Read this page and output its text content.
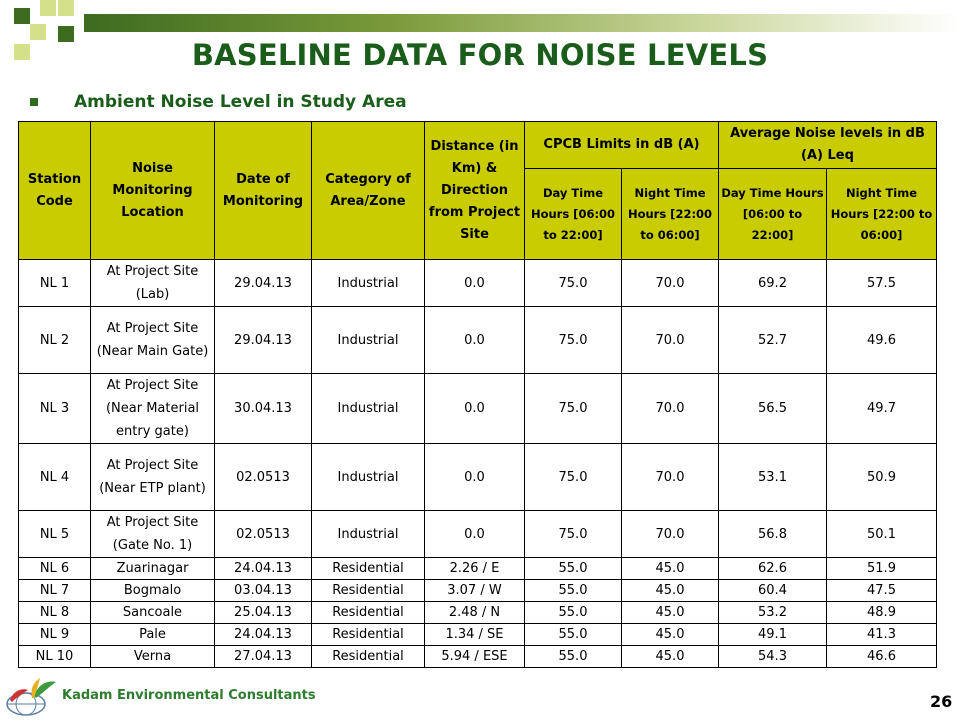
BASELINE DATA FOR NOISE LEVELS
Ambient Noise Level in Study Area
Station Code	Noise Monitoring Location	Date of Monitoring	Category of Area/Zone	Distance (in Km) & Direction from Project Site	CPCB Limits in dB (A)		Average Noise levels in dB (A) Leq	
					Day Time Hours [06:00 to 22:00]	Night Time Hours [22:00 to 06:00]	Day Time Hours [06:00 to 22:00]	Night Time Hours [22:00 to 06:00]
NL 1	At Project Site (Lab)	29.04.13	Industrial	0.0	75.0	70.0	69.2	57.5
NL 2	At Project Site (Near Main Gate)	29.04.13	Industrial	0.0	75.0	70.0	52.7	49.6
NL 3	At Project Site (Near Material entry gate)	30.04.13	Industrial	0.0	75.0	70.0	56.5	49.7
NL 4	At Project Site (Near ETP plant)	02.0513	Industrial	0.0	75.0	70.0	53.1	50.9
NL 5	At Project Site (Gate No. 1)	02.0513	Industrial	0.0	75.0	70.0	56.8	50.1
NL 6	Zuarinagar	24.04.13	Residential	2.26 / E	55.0	45.0	62.6	51.9
NL 7	Bogmalo	03.04.13	Residential	3.07 / W	55.0	45.0	60.4	47.5
NL 8	Sancoale	25.04.13	Residential	2.48 / N	55.0	45.0	53.2	48.9
NL 9	Pale	24.04.13	Residential	1.34 / SE	55.0	45.0	49.1	41.3
NL 10	Verna	27.04.13	Residential	5.94 / ESE	55.0	45.0	54.3	46.6
Kadam Environmental Consultants	26
